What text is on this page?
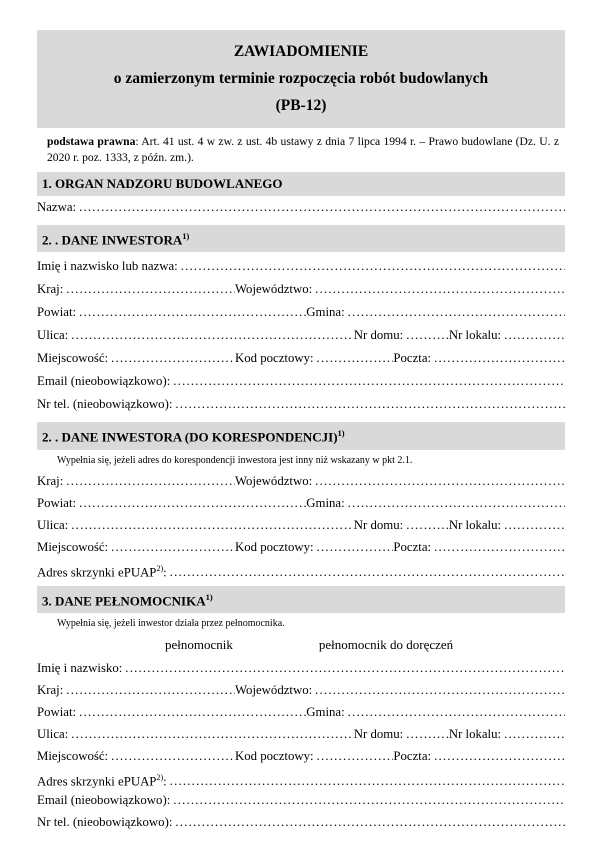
ZAWIADOMIENIE
o zamierzonym terminie rozpoczęcia robót budowlanych
(PB-12)
podstawa prawna: Art. 41 ust. 4 w zw. z ust. 4b ustawy z dnia 7 lipca 1994 r. – Prawo budowlane (Dz. U. z 2020 r. poz. 1333, z późn. zm.).
1. ORGAN NADZORU BUDOWLANEGO
Nazwa:
.....
2. . DANE INWESTORA$^{1)}$
Imię i nazwisko lub nazwa:
.....
Kraj: .....	Województwo:
.....
Powiat: .....	Gmina:
.....
Ulica: .....	Nr domu: .....	Nr lokalu:
.....
Miejscowość: .....	Kod pocztowy: .....	Poczta:
.....
Email (nieobowiązkowo):
.....
Nr tel. (nieobowiązkowo):
.....
2. . DANE INWESTORA (DO KORESPONDENCJI)$^{1)}$
Wypełnia się, jeżeli adres do korespondencji inwestora jest inny niż wskazany w pkt 2.1.
Kraj: .....	Województwo:
.....
Powiat: .....	Gmina:
.....
Ulica: .....	Nr domu: .....	Nr lokalu:
.....
Miejscowość: .....	Kod pocztowy: .....	Poczta:
.....
Adres skrzynki ePUAP$^{2)}$:
.....
3. DANE PEŁNOMOCNIKA$^{1)}$
Wypełnia się, jeżeli inwestor działa przez pełnomocnika.
pełnomocnik	pełnomocnik do doręczeń
Imię i nazwisko:
.....
Kraj: .....	Województwo:
.....
Powiat: .....	Gmina:
.....
Ulica: .....	Nr domu: .....	Nr lokalu:
.....
Miejscowość: .....	Kod pocztowy: .....	Poczta:
.....
Adres skrzynki ePUAP$^{2)}$:
.....
Email (nieobowiązkowo):
.....
Nr tel. (nieobowiązkowo):
.....
